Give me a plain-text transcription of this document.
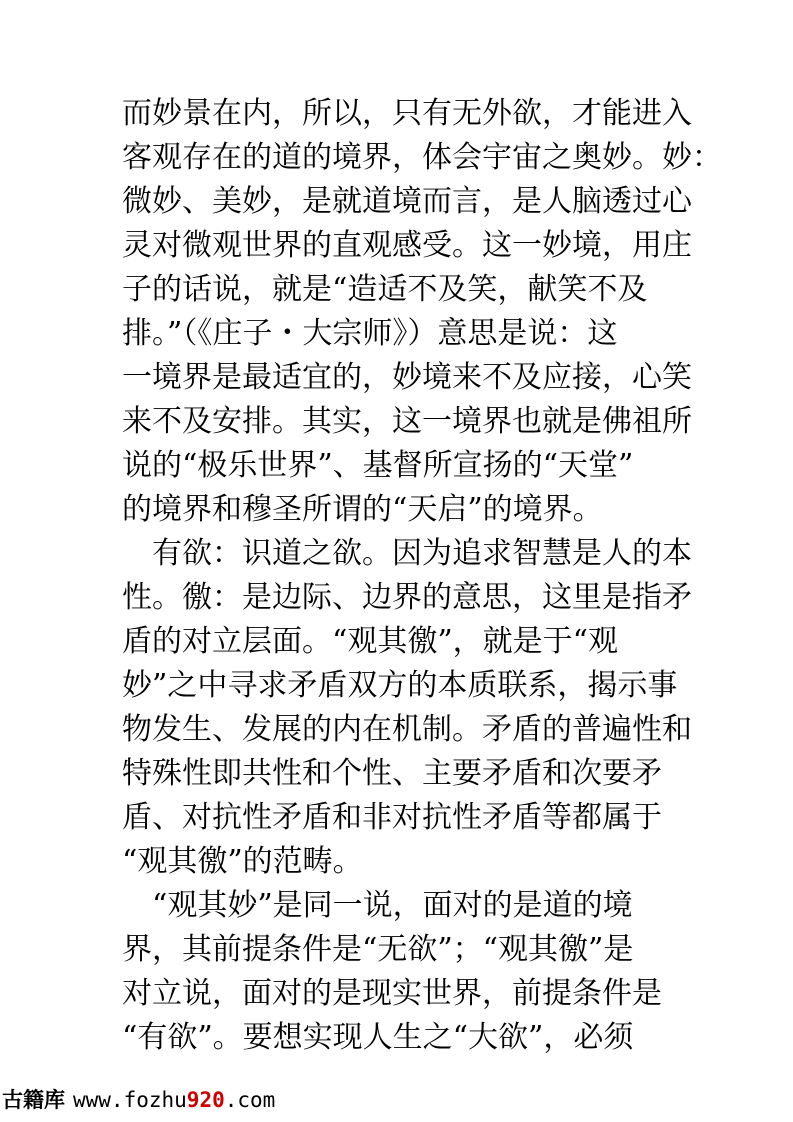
而妙景在内，所以，只有无外欲，才能进入
客观存在的道的境界，体会宇宙之奥妙。妙：
微妙、美妙，是就道境而言，是人脑透过心
灵对微观世界的直观感受。这一妙境，用庄
子的话说，就是“造适不及笑，献笑不及
排。”（《庄子・大宗师》）意思是说：这
一境界是最适宜的，妙境来不及应接，心笑
来不及安排。其实，这一境界也就是佛祖所
说的“极乐世界”、基督所宣扬的“天堂”
的境界和穆圣所谓的“天启”的境界。
有欲：识道之欲。因为追求智慧是人的本
性。徼：是边际、边界的意思，这里是指矛
盾的对立层面。“观其徼”，就是于“观
妙”之中寻求矛盾双方的本质联系，揭示事
物发生、发展的内在机制。矛盾的普遍性和
特殊性即共性和个性、主要矛盾和次要矛
盾、对抗性矛盾和非对抗性矛盾等都属于
“观其徼”的范畴。
“观其妙”是同一说，面对的是道的境
界，其前提条件是“无欲”；“观其徼”是
对立说，面对的是现实世界，前提条件是
“有欲”。要想实现人生之“大欲”，必须
古籍库 www.fozhu920.com
